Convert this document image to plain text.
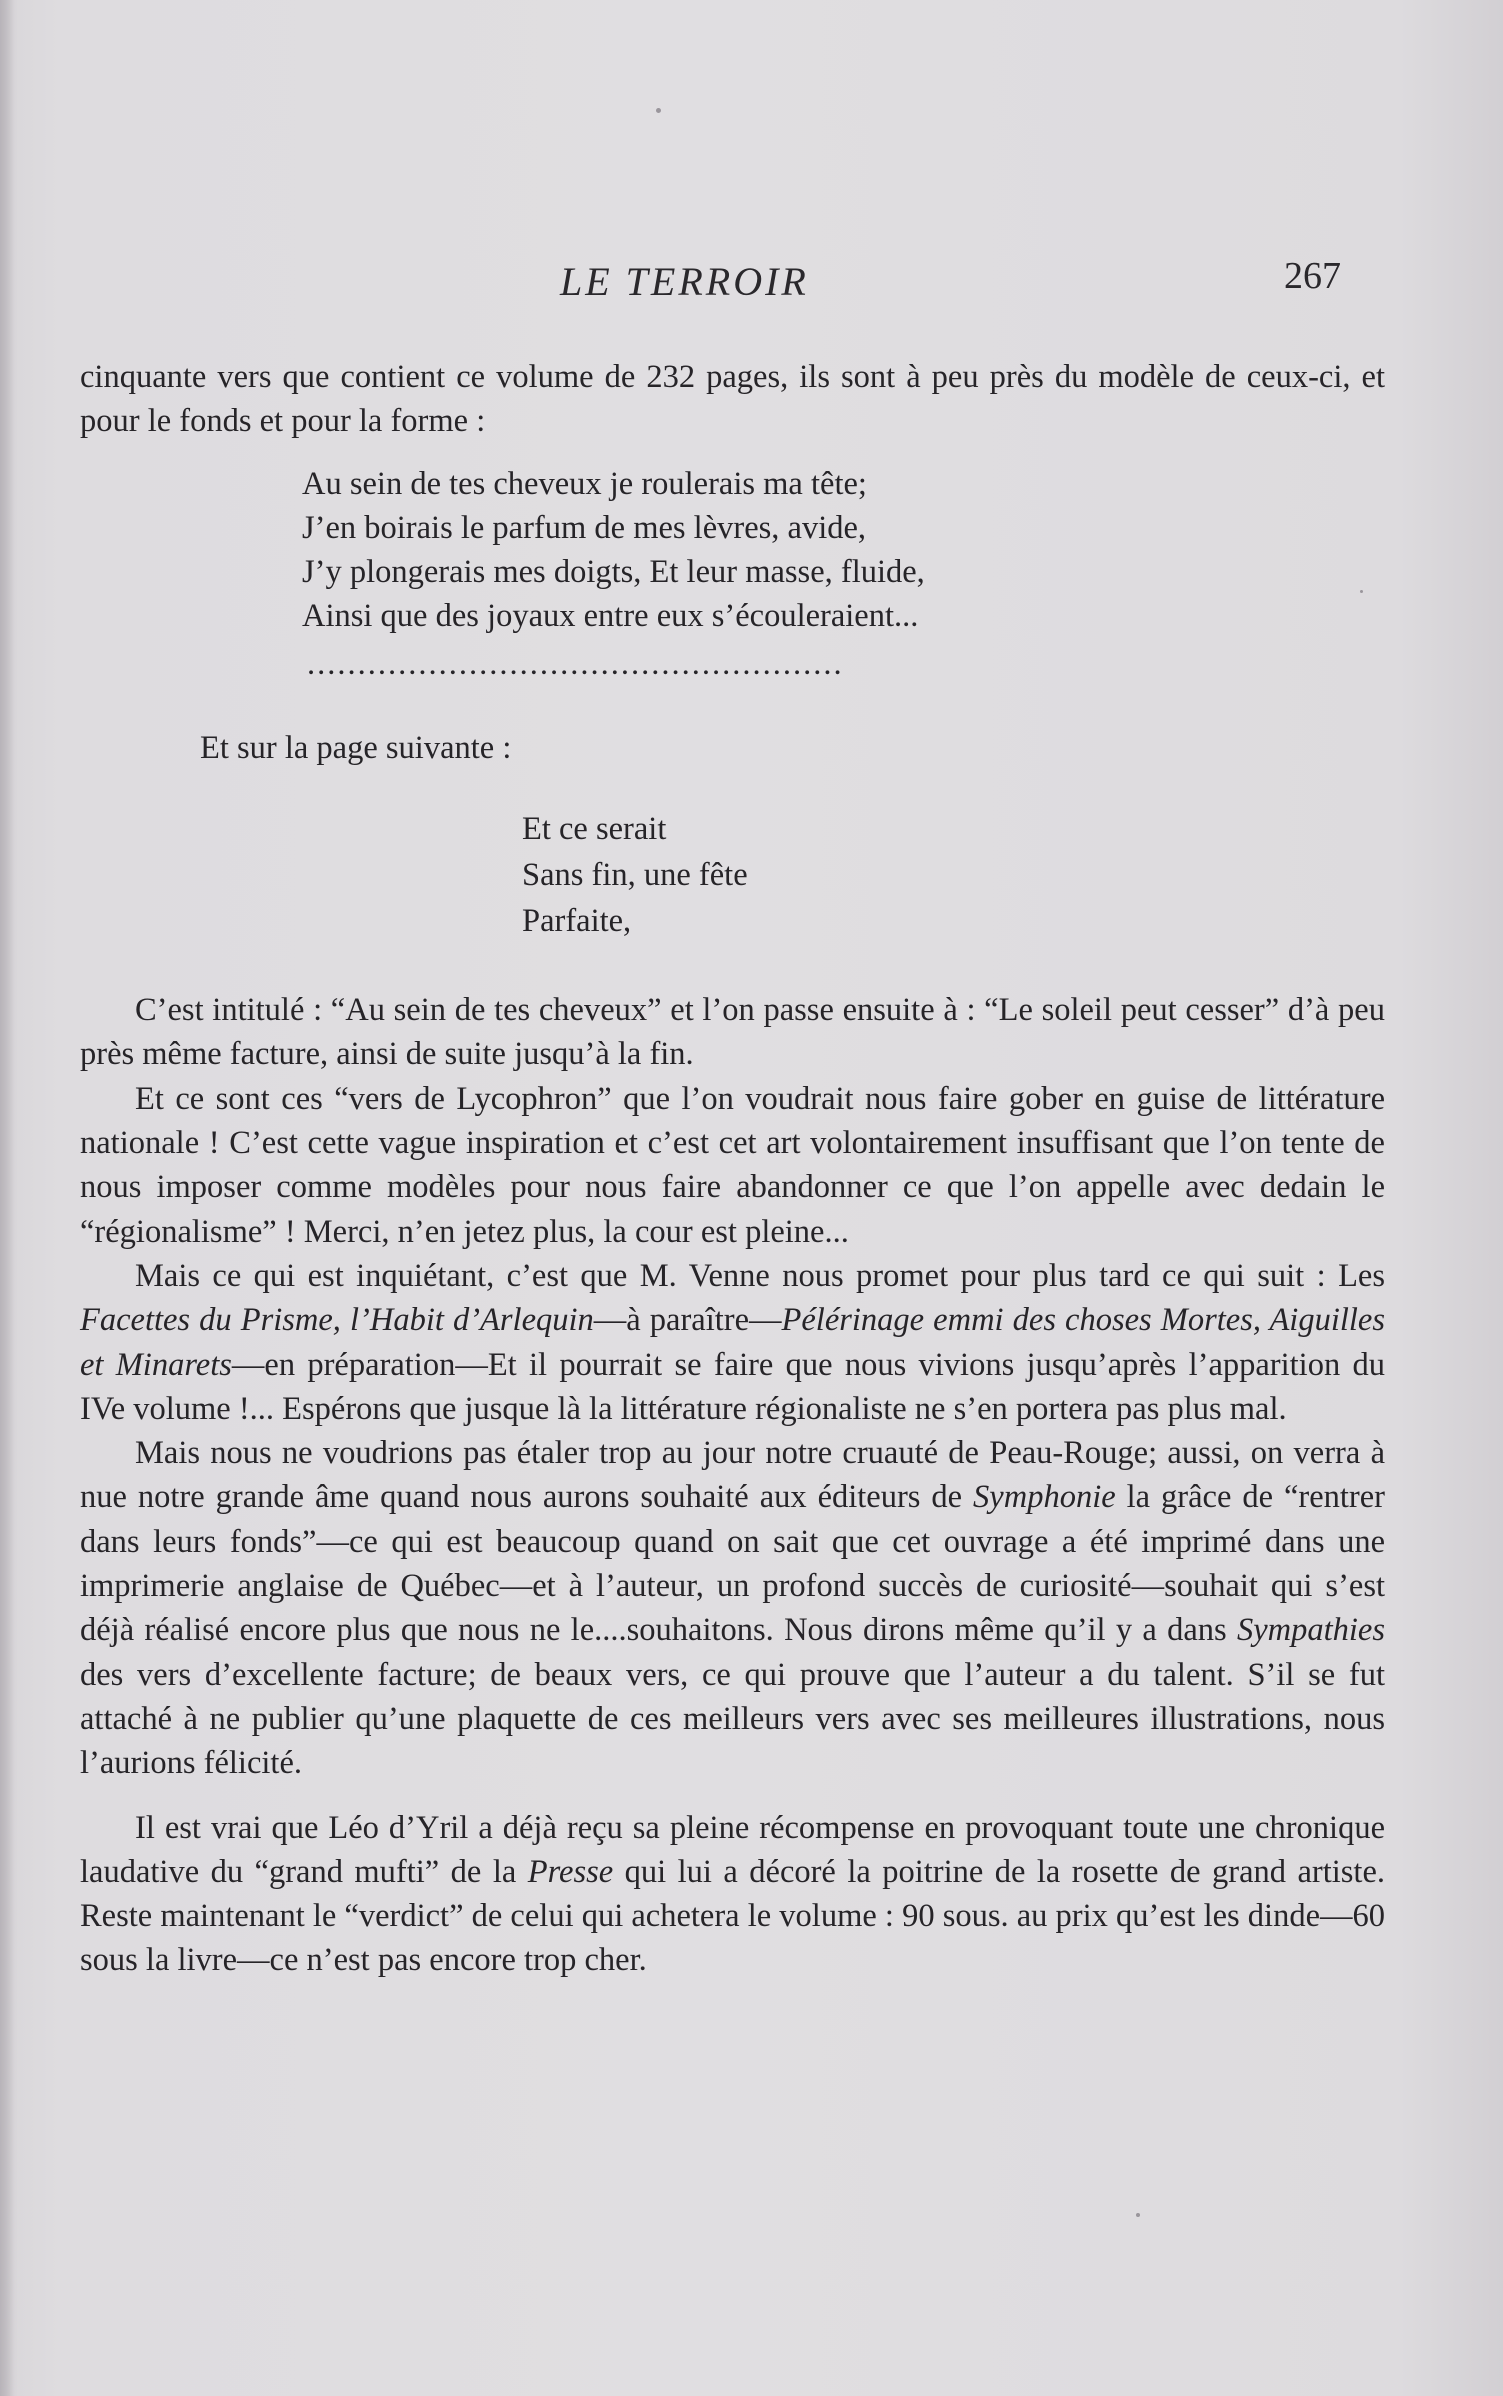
LE TERROIR	267

cinquante vers que contient ce volume de 232 pages, ils sont à peu près du modèle de ceux-ci, et pour le fonds et pour la forme :

Au sein de tes cheveux je roulerais ma tête;
J’en boirais le parfum de mes lèvres, avide,
J’y plongerais mes doigts, Et leur masse, fluide,
Ainsi que des joyaux entre eux s’écouleraient...
.....................................................

Et sur la page suivante :

Et ce serait
Sans fin, une fête
Parfaite,

C’est intitulé : “Au sein de tes cheveux” et l’on passe ensuite à : “Le soleil peut cesser” d’à peu près même facture, ainsi de suite jusqu’à la fin.

Et ce sont ces “vers de Lycophron” que l’on voudrait nous faire gober en guise de littérature nationale ! C’est cette vague inspiration et c’est cet art volontairement insuffisant que l’on tente de nous imposer comme modèles pour nous faire abandonner ce que l’on appelle avec dedain le “régionalisme” ! Merci, n’en jetez plus, la cour est pleine...

Mais ce qui est inquiétant, c’est que M. Venne nous promet pour plus tard ce qui suit : Les Facettes du Prisme, l’Habit d’Arlequin—à paraître—Pélérinage emmi des choses Mortes, Aiguilles et Minarets—en préparation—Et il pourrait se faire que nous vivions jusqu’après l’apparition du IVe volume !... Espérons que jusque là la littérature régionaliste ne s’en portera pas plus mal.

Mais nous ne voudrions pas étaler trop au jour notre cruauté de Peau-Rouge; aussi, on verra à nue notre grande âme quand nous aurons souhaité aux éditeurs de Symphonie la grâce de “rentrer dans leurs fonds”—ce qui est beaucoup quand on sait que cet ouvrage a été imprimé dans une imprimerie anglaise de Québec—et à l’auteur, un profond succès de curiosité—souhait qui s’est déjà réalisé encore plus que nous ne le....souhaitons. Nous dirons même qu’il y a dans Sympathies des vers d’excellente facture; de beaux vers, ce qui prouve que l’auteur a du talent. S’il se fut attaché à ne publier qu’une plaquette de ces meilleurs vers avec ses meilleures illustrations, nous l’aurions félicité.

Il est vrai que Léo d’Yril a déjà reçu sa pleine récompense en provoquant toute une chronique laudative du “grand mufti” de la Presse qui lui a décoré la poitrine de la rosette de grand artiste. Reste maintenant le “verdict” de celui qui achetera le volume : 90 sous. au prix qu’est les dinde—60 sous la livre—ce n’est pas encore trop cher.
